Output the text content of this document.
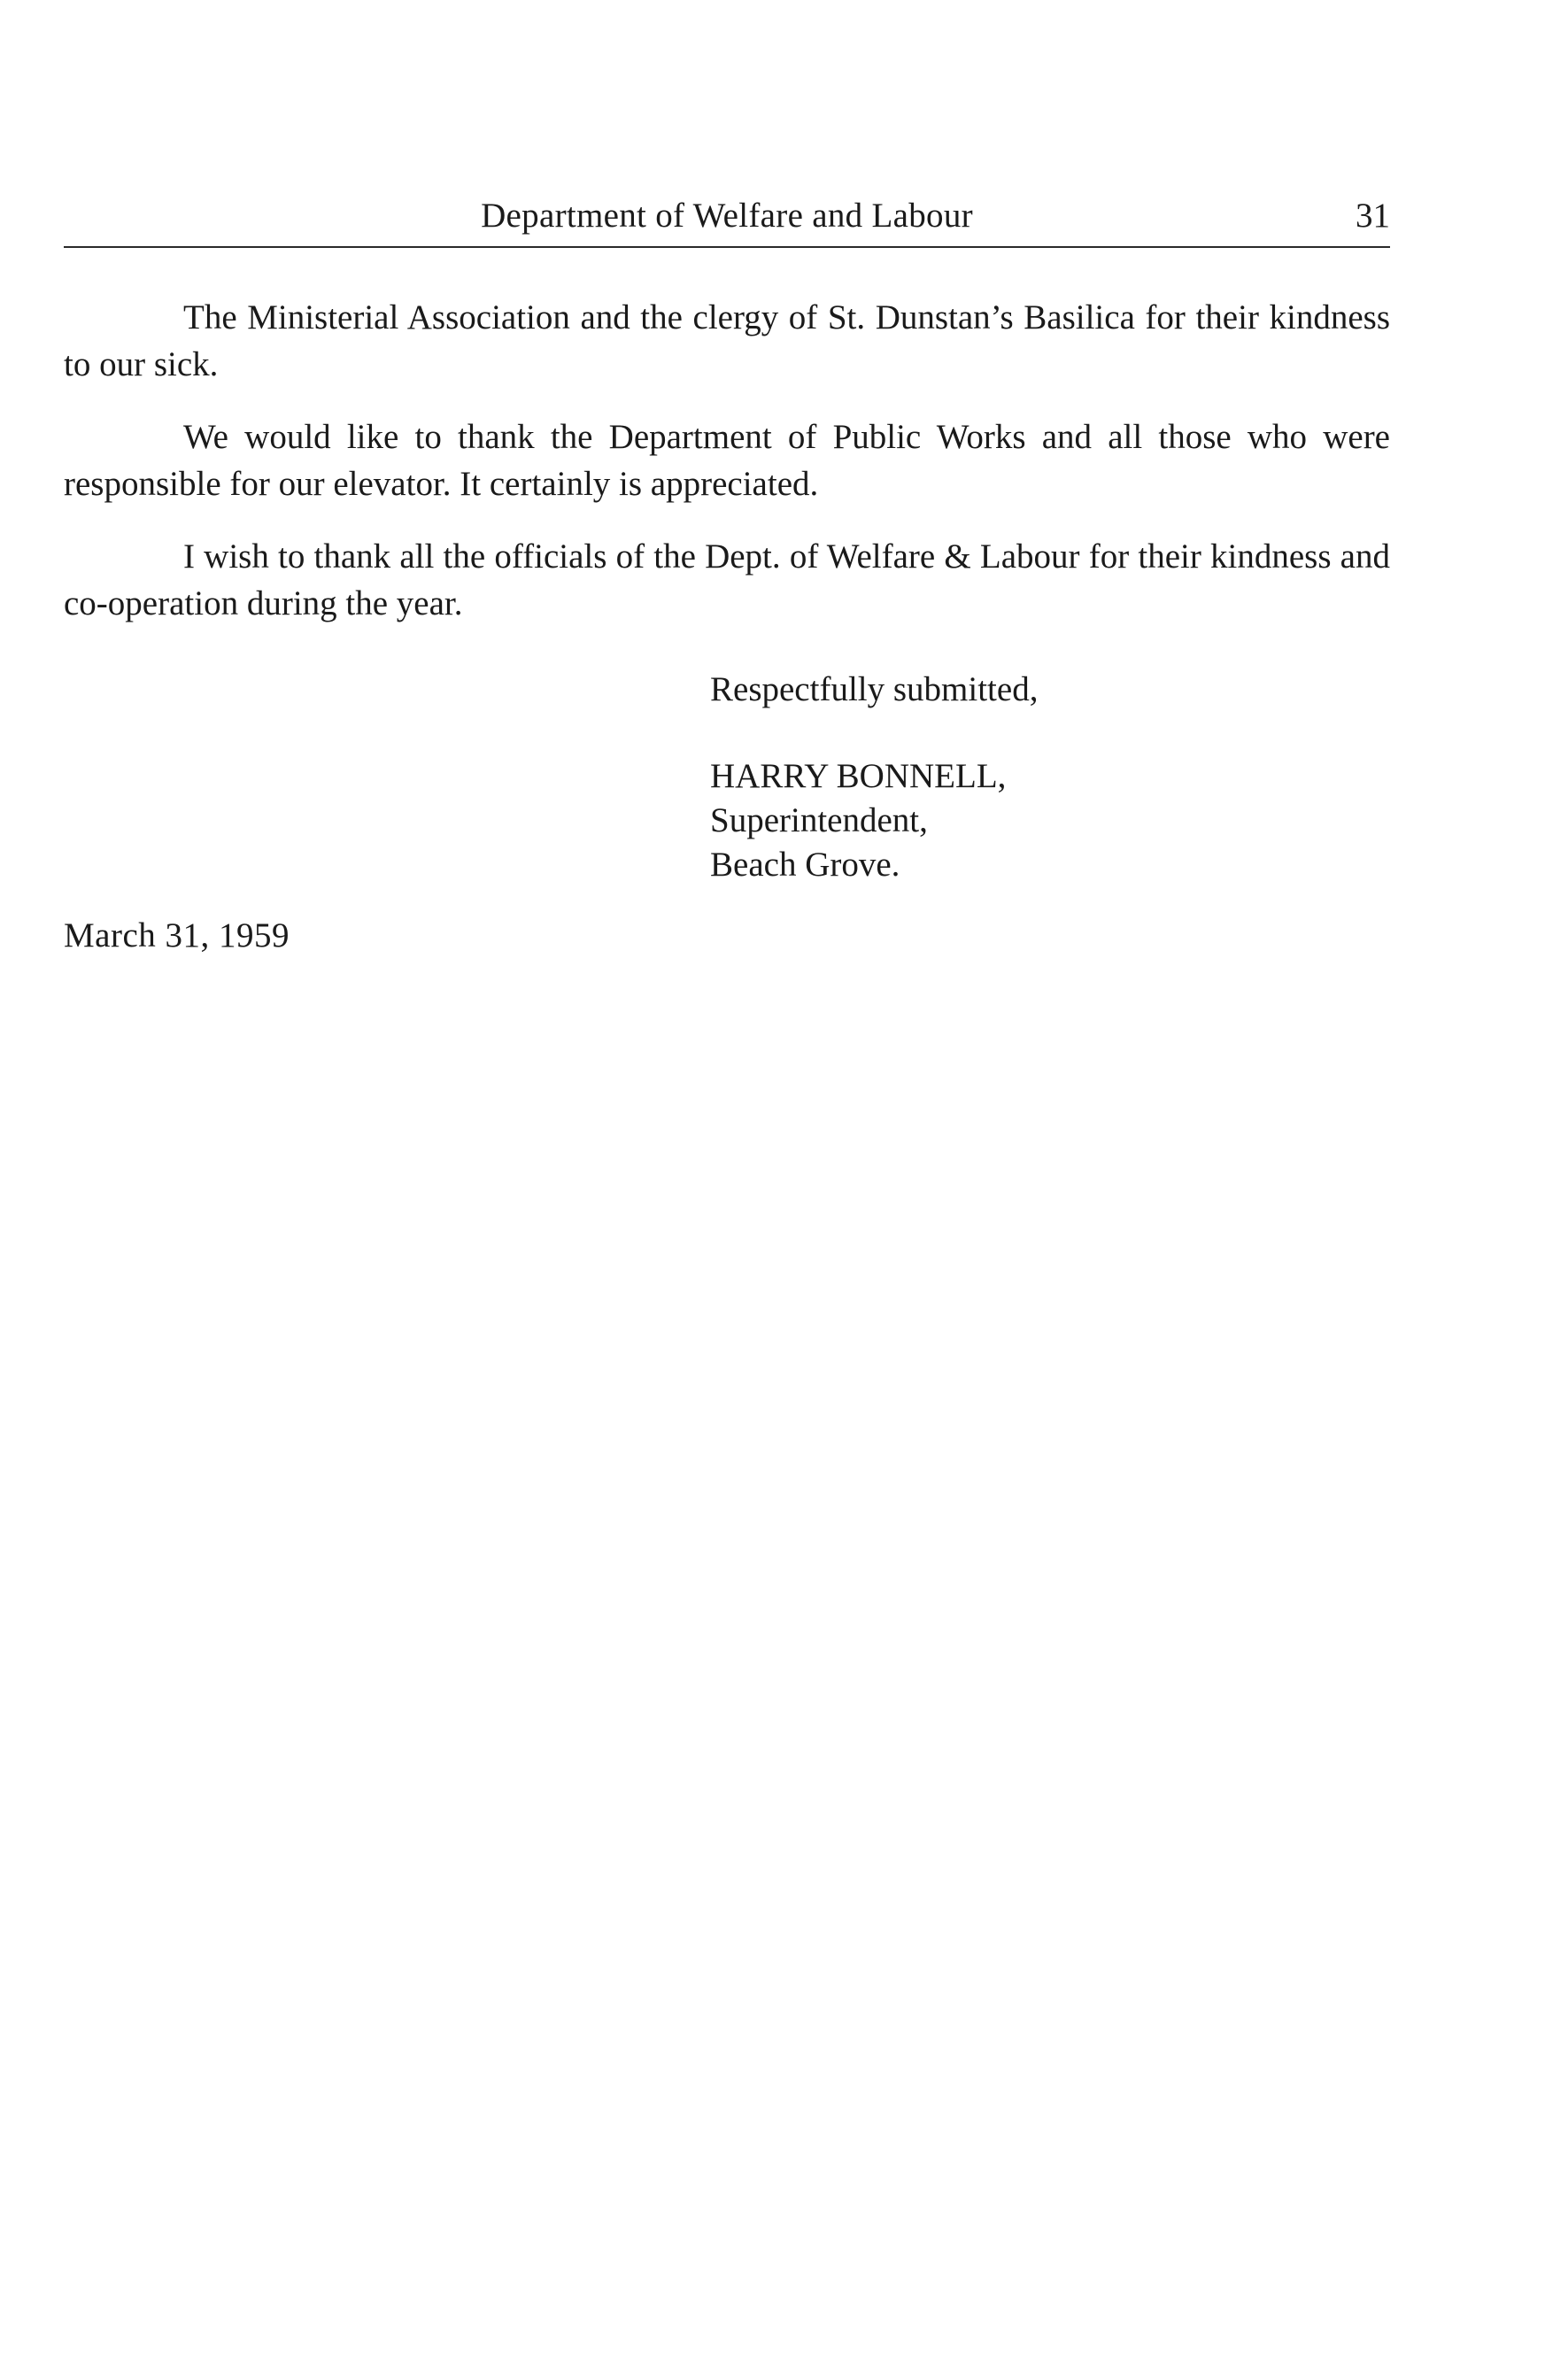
Department of Welfare and Labour	31

The Ministerial Association and the clergy of St. Dunstan’s Basilica for their kindness to our sick.

We would like to thank the Department of Public Works and all those who were responsible for our elevator. It certainly is appreciated.

I wish to thank all the officials of the Dept. of Welfare & Labour for their kindness and co-operation during the year.

Respectfully submitted,
HARRY BONNELL,
Superintendent,
Beach Grove.
March 31, 1959
